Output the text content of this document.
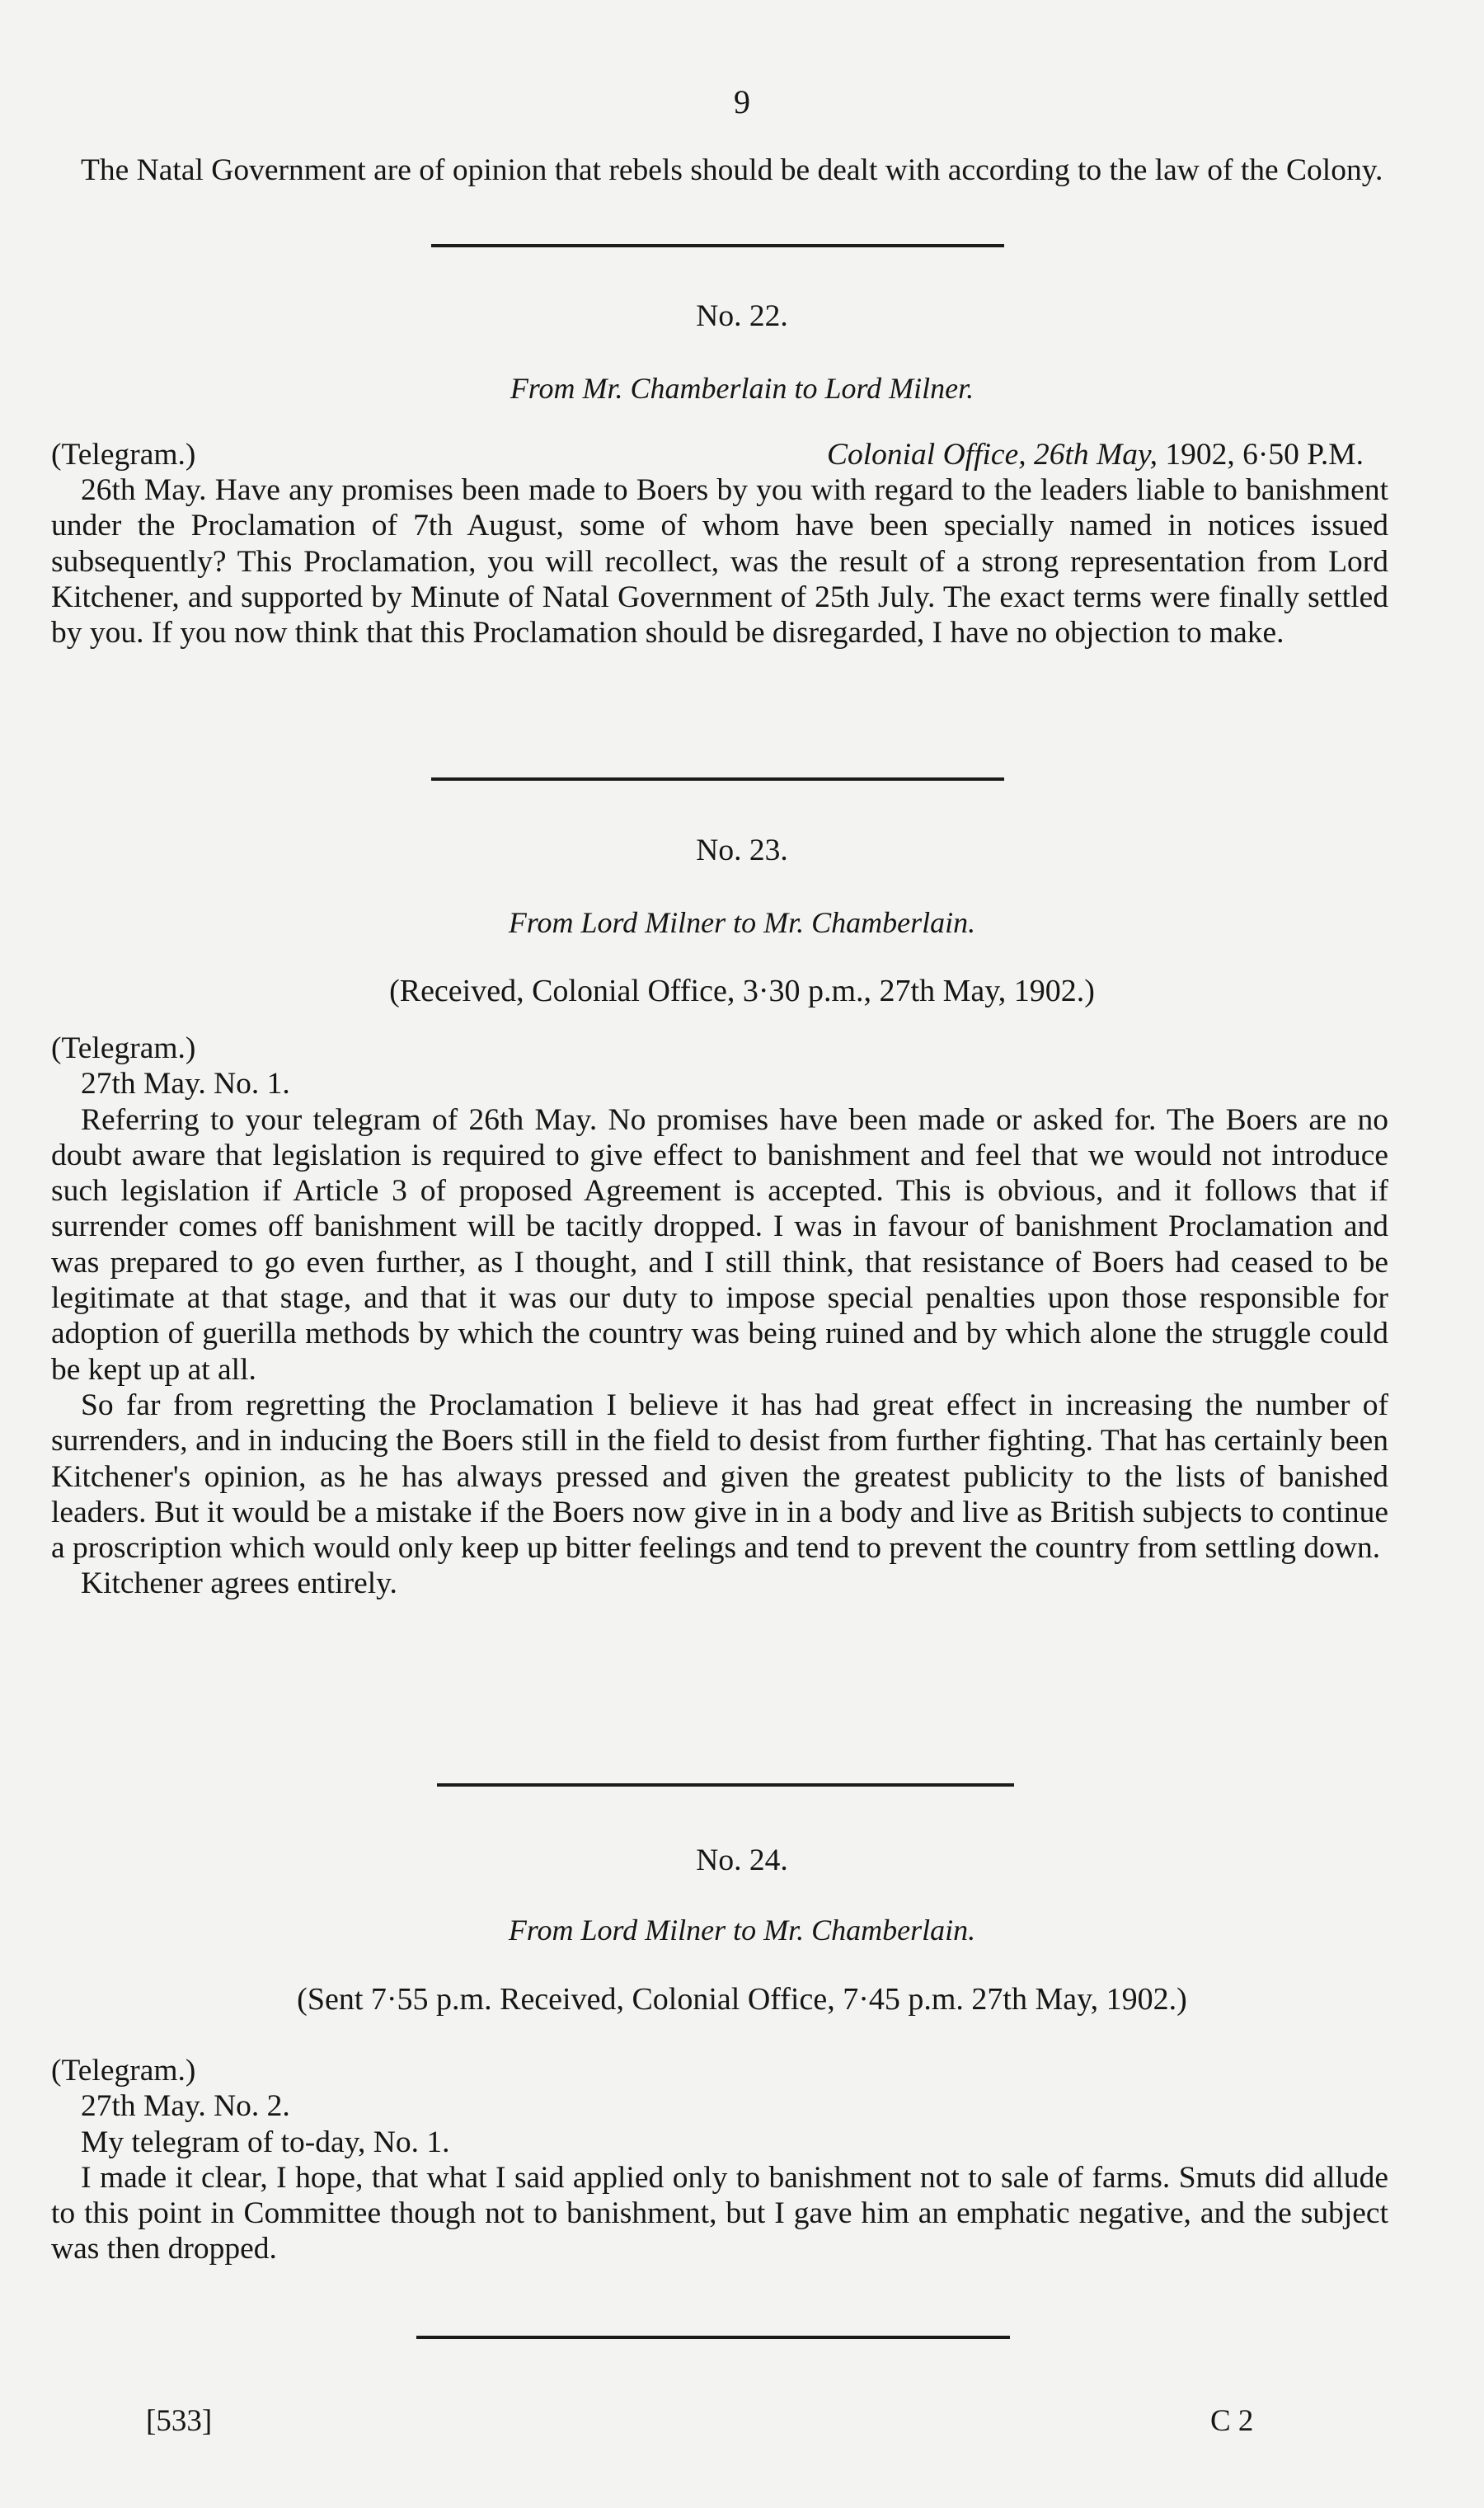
9

The Natal Government are of opinion that rebels should be dealt with according to the law of the Colony.

No. 22.
From Mr. Chamberlain to Lord Milner.
(Telegram.)	Colonial Office, 26th May, 1902, 6·50 P.M.

26th May. Have any promises been made to Boers by you with regard to the leaders liable to banishment under the Proclamation of 7th August, some of whom have been specially named in notices issued subsequently? This Proclamation, you will recollect, was the result of a strong representation from Lord Kitchener, and supported by Minute of Natal Government of 25th July. The exact terms were finally settled by you. If you now think that this Proclamation should be disregarded, I have no objection to make.

No. 23.
From Lord Milner to Mr. Chamberlain.
(Received, Colonial Office, 3·30 p.m., 27th May, 1902.)

(Telegram.)

27th May. No. 1.

Referring to your telegram of 26th May. No promises have been made or asked for. The Boers are no doubt aware that legislation is required to give effect to banishment and feel that we would not introduce such legislation if Article 3 of proposed Agreement is accepted. This is obvious, and it follows that if surrender comes off banishment will be tacitly dropped. I was in favour of banishment Proclamation and was prepared to go even further, as I thought, and I still think, that resistance of Boers had ceased to be legitimate at that stage, and that it was our duty to impose special penalties upon those responsible for adoption of guerilla methods by which the country was being ruined and by which alone the struggle could be kept up at all.

So far from regretting the Proclamation I believe it has had great effect in increasing the number of surrenders, and in inducing the Boers still in the field to desist from further fighting. That has certainly been Kitchener's opinion, as he has always pressed and given the greatest publicity to the lists of banished leaders. But it would be a mistake if the Boers now give in in a body and live as British subjects to continue a proscription which would only keep up bitter feelings and tend to prevent the country from settling down.

Kitchener agrees entirely.

No. 24.
From Lord Milner to Mr. Chamberlain.
(Sent 7·55 p.m. Received, Colonial Office, 7·45 p.m. 27th May, 1902.)

(Telegram.)

27th May. No. 2.

My telegram of to-day, No. 1.

I made it clear, I hope, that what I said applied only to banishment not to sale of farms. Smuts did allude to this point in Committee though not to banishment, but I gave him an emphatic negative, and the subject was then dropped.

[533]	C 2
